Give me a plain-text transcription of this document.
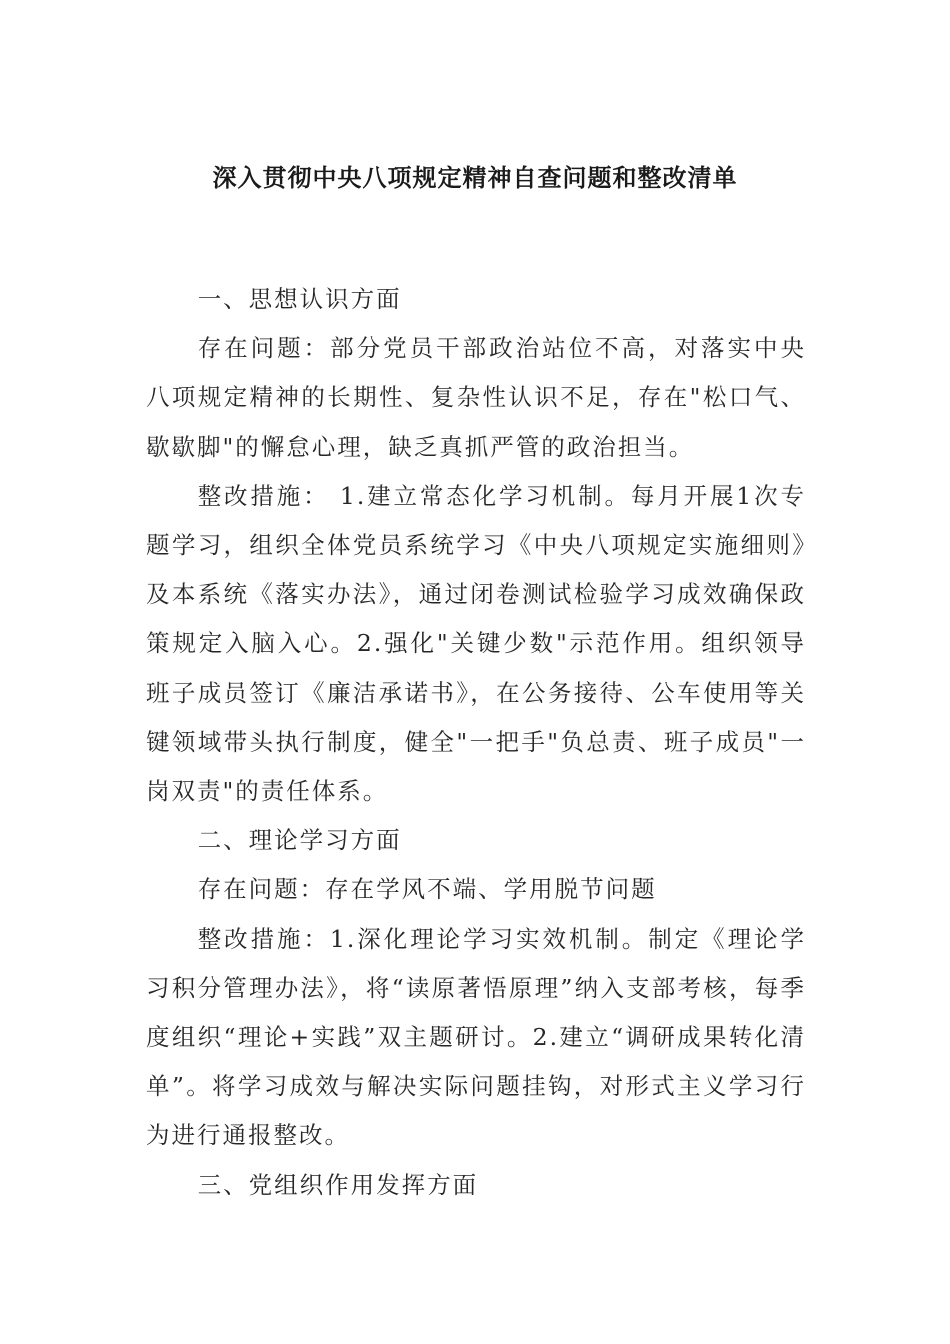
深入贯彻中央八项规定精神自查问题和整改清单

一、思想认识方面

存在问题：部分党员干部政治站位不高，对落实中央八项规定精神的长期性、复杂性认识不足，存在"松口气、歇歇脚"的懈怠心理，缺乏真抓严管的政治担当。

整改措施： 1.建立常态化学习机制。每月开展1次专题学习，组织全体党员系统学习《中央八项规定实施细则》及本系统《落实办法》，通过闭卷测试检验学习成效确保政策规定入脑入心。2.强化"关键少数"示范作用。组织领导班子成员签订《廉洁承诺书》，在公务接待、公车使用等关键领域带头执行制度，健全"一把手"负总责、班子成员"一岗双责"的责任体系。

二、理论学习方面

存在问题：存在学风不端、学用脱节问题

整改措施：1.深化理论学习实效机制。制定《理论学习积分管理办法》，将“读原著悟原理”纳入支部考核，每季度组织“理论+实践”双主题研讨。2.建立“调研成果转化清单”。将学习成效与解决实际问题挂钩，对形式主义学习行为进行通报整改。

三、党组织作用发挥方面
